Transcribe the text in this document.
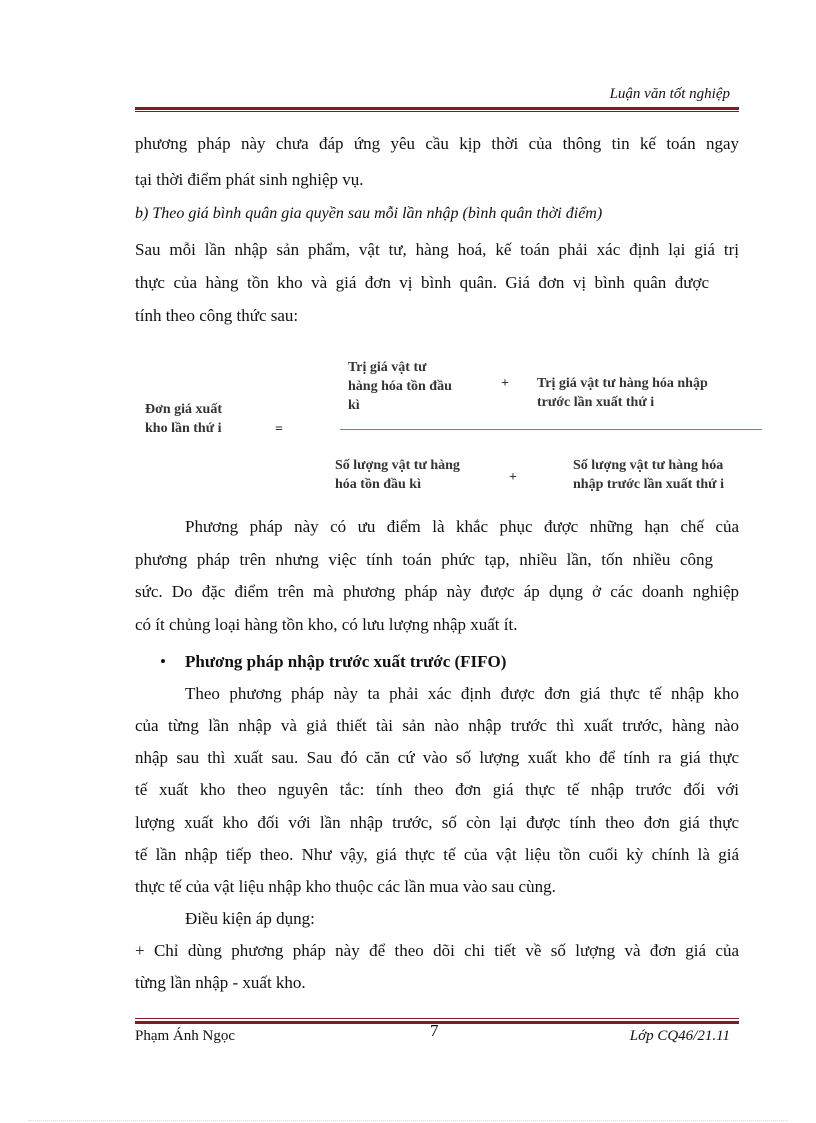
Luận văn tốt nghiệp
phương pháp này chưa đáp ứng yêu cầu kịp thời của thông tin kế toán ngay
tại thời điểm phát sinh nghiệp vụ.
b) Theo giá bình quân gia quyền sau mỗi lần nhập (bình quân thời điểm)
Sau mỗi lần nhập sản phẩm, vật tư, hàng hoá, kế toán phải xác định lại giá trị
thực của hàng tồn kho và giá đơn vị bình quân. Giá đơn vị bình quân được
tính theo công thức sau:
Đơn giá xuất
kho lần thứ i	=
Trị giá vật tư
hàng hóa tồn đầu
kì
+ Trị giá vật tư hàng hóa nhập
trước lần xuất thứ i
Số lượng vật tư hàng
hóa tồn đầu kì	+
Số lượng vật tư hàng hóa
nhập trước lần xuất thứ i
Phương pháp này có ưu điểm là khắc phục được những hạn chế của
phương pháp trên nhưng việc tính toán phức tạp, nhiều lần, tốn nhiều công
sức. Do đặc điểm trên mà phương pháp này được áp dụng ở các doanh nghiệp
có ít chủng loại hàng tồn kho, có lưu lượng nhập xuất ít.
• Phương pháp nhập trước xuất trước (FIFO)
Theo phương pháp này ta phải xác định được đơn giá thực tế nhập kho
của từng lần nhập và giả thiết tài sản nào nhập trước thì xuất trước, hàng nào
nhập sau thì xuất sau. Sau đó căn cứ vào số lượng xuất kho để tính ra giá thực
tế xuất kho theo nguyên tắc: tính theo đơn giá thực tế nhập trước đối với
lượng xuất kho đối với lần nhập trước, số còn lại được tính theo đơn giá thực
tế lần nhập tiếp theo. Như vậy, giá thực tế của vật liệu tồn cuối kỳ chính là giá
thực tế của vật liệu nhập kho thuộc các lần mua vào sau cùng.
Điều kiện áp dụng:
+ Chỉ dùng phương pháp này để theo dõi chi tiết về số lượng và đơn giá của
từng lần nhập - xuất kho.
Phạm Ánh Ngọc	7	Lớp CQ46/21.11
